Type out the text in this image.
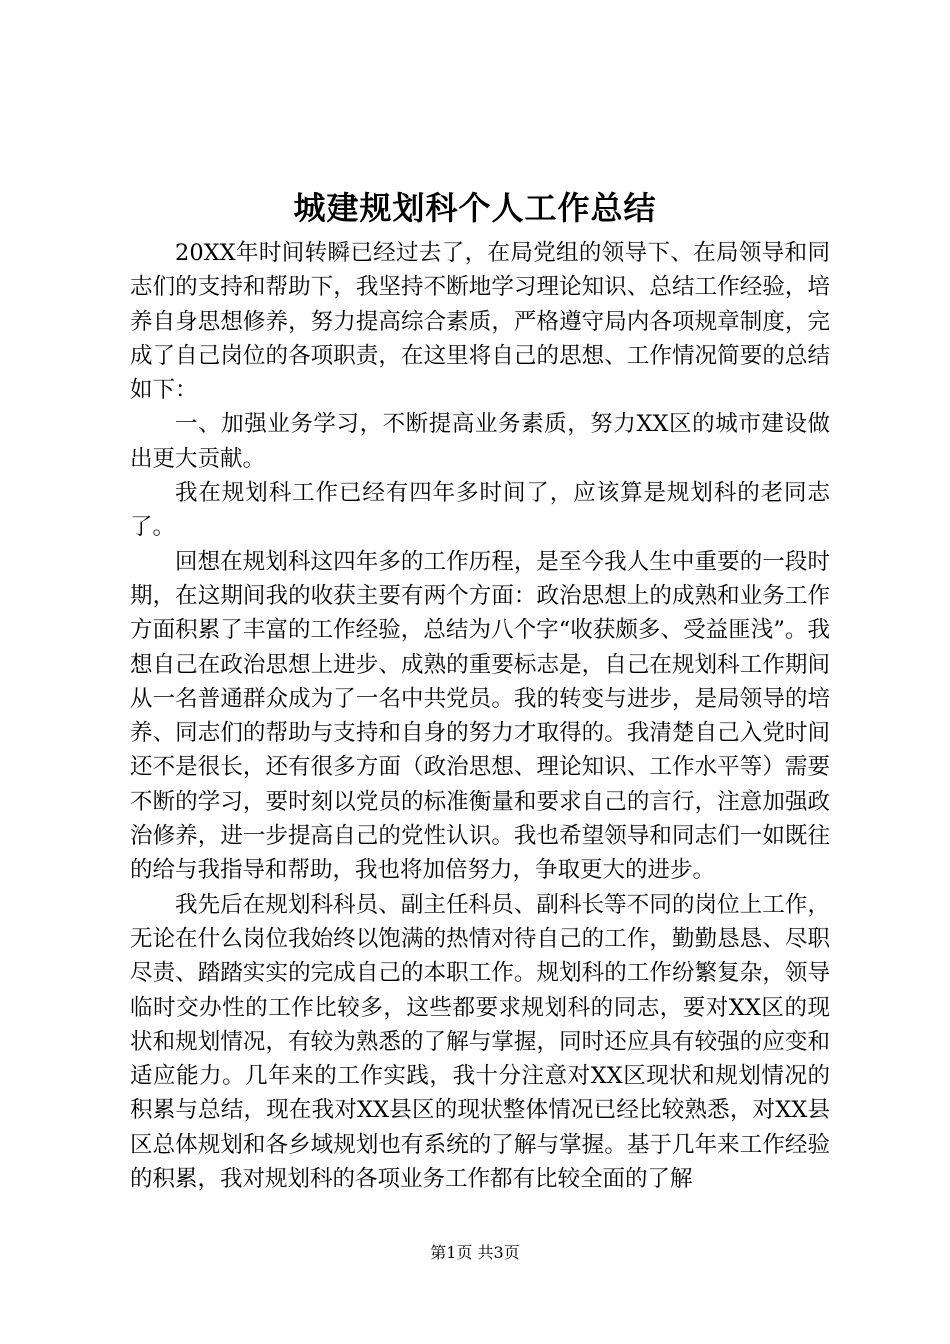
城建规划科个人工作总结

20XX年时间转瞬已经过去了，在局党组的领导下、在局领导和同志们的支持和帮助下，我坚持不断地学习理论知识、总结工作经验，培养自身思想修养，努力提高综合素质，严格遵守局内各项规章制度，完成了自己岗位的各项职责，在这里将自己的思想、工作情况简要的总结如下：

一、加强业务学习，不断提高业务素质，努力XX区的城市建设做出更大贡献。

我在规划科工作已经有四年多时间了，应该算是规划科的老同志了。

回想在规划科这四年多的工作历程，是至今我人生中重要的一段时期，在这期间我的收获主要有两个方面：政治思想上的成熟和业务工作方面积累了丰富的工作经验，总结为八个字“收获颇多、受益匪浅”。我想自己在政治思想上进步、成熟的重要标志是，自己在规划科工作期间从一名普通群众成为了一名中共党员。我的转变与进步，是局领导的培养、同志们的帮助与支持和自身的努力才取得的。我清楚自己入党时间还不是很长，还有很多方面（政治思想、理论知识、工作水平等）需要不断的学习，要时刻以党员的标准衡量和要求自己的言行，注意加强政治修养，进一步提高自己的党性认识。我也希望领导和同志们一如既往的给与我指导和帮助，我也将加倍努力，争取更大的进步。

我先后在规划科科员、副主任科员、副科长等不同的岗位上工作，无论在什么岗位我始终以饱满的热情对待自己的工作，勤勤恳恳、尽职尽责、踏踏实实的完成自己的本职工作。规划科的工作纷繁复杂，领导临时交办性的工作比较多，这些都要求规划科的同志，要对XX区的现状和规划情况，有较为熟悉的了解与掌握，同时还应具有较强的应变和适应能力。几年来的工作实践，我十分注意对XX区现状和规划情况的积累与总结，现在我对XX县区的现状整体情况已经比较熟悉，对XX县区总体规划和各乡域规划也有系统的了解与掌握。基于几年来工作经验的积累，我对规划科的各项业务工作都有比较全面的了解

第1页 共3页
